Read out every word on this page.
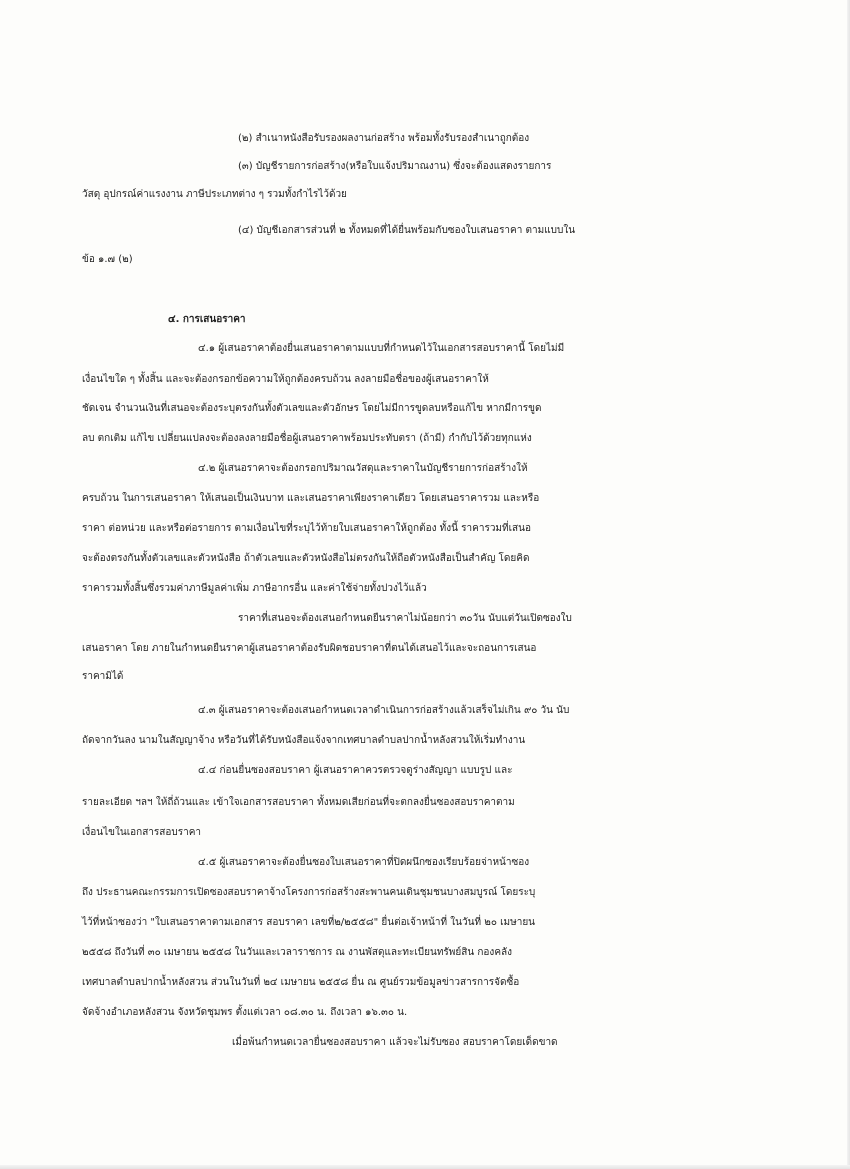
(๒) สำเนาหนังสือรับรองผลงานก่อสร้าง พร้อมทั้งรับรองสำเนาถูกต้อง
(๓) บัญชีรายการก่อสร้าง(หรือใบแจ้งปริมาณงาน) ซึ่งจะต้องแสดงรายการ
วัสดุ อุปกรณ์ค่าแรงงาน ภาษีประเภทต่าง ๆ รวมทั้งกำไรไว้ด้วย
(๔) บัญชีเอกสารส่วนที่ ๒ ทั้งหมดที่ได้ยื่นพร้อมกับซองใบเสนอราคา ตามแบบใน
ข้อ ๑.๗ (๒)
๔. การเสนอราคา
๔.๑ ผู้เสนอราคาต้องยื่นเสนอราคาตามแบบที่กำหนดไว้ในเอกสารสอบราคานี้ โดยไม่มี
เงื่อนไขใด ๆ ทั้งสิ้น และจะต้องกรอกข้อความให้ถูกต้องครบถ้วน ลงลายมือชื่อของผู้เสนอราคาให้
ชัดเจน จำนวนเงินที่เสนอจะต้องระบุตรงกันทั้งตัวเลขและตัวอักษร โดยไม่มีการขูดลบหรือแก้ไข หากมีการขูด
ลบ ตกเติม แก้ไข เปลี่ยนแปลงจะต้องลงลายมือชื่อผู้เสนอราคาพร้อมประทับตรา (ถ้ามี) กำกับไว้ด้วยทุกแห่ง
๔.๒ ผู้เสนอราคาจะต้องกรอกปริมาณวัสดุและราคาในบัญชีรายการก่อสร้างให้
ครบถ้วน ในการเสนอราคา ให้เสนอเป็นเงินบาท และเสนอราคาเพียงราคาเดียว โดยเสนอราคารวม และหรือ
ราคา ต่อหน่วย และหรือต่อรายการ ตามเงื่อนไขที่ระบุไว้ท้ายใบเสนอราคาให้ถูกต้อง ทั้งนี้ ราคารวมที่เสนอ
จะต้องตรงกันทั้งตัวเลขและตัวหนังสือ ถ้าตัวเลขและตัวหนังสือไม่ตรงกันให้ถือตัวหนังสือเป็นสำคัญ โดยคิด
ราคารวมทั้งสิ้นซึ่งรวมค่าภาษีมูลค่าเพิ่ม ภาษีอากรอื่น และค่าใช้จ่ายทั้งปวงไว้แล้ว
ราคาที่เสนอจะต้องเสนอกำหนดยืนราคาไม่น้อยกว่า ๓๐วัน นับแต่วันเปิดซองใบ
เสนอราคา โดย ภายในกำหนดยืนราคาผู้เสนอราคาต้องรับผิดชอบราคาที่ตนได้เสนอไว้และจะถอนการเสนอ
ราคามิได้
๔.๓ ผู้เสนอราคาจะต้องเสนอกำหนดเวลาดำเนินการก่อสร้างแล้วเสร็จไม่เกิน ๙๐ วัน นับ
ถัดจากวันลง นามในสัญญาจ้าง หรือวันที่ได้รับหนังสือแจ้งจากเทศบาลตำบลปากน้ำหลังสวนให้เริ่มทำงาน
๔.๔ ก่อนยื่นซองสอบราคา ผู้เสนอราคาควรตรวจดูร่างสัญญา แบบรูป และ
รายละเอียด ฯลฯ ให้ถี่ถ้วนและ เข้าใจเอกสารสอบราคา ทั้งหมดเสียก่อนที่จะตกลงยื่นซองสอบราคาตาม
เงื่อนไขในเอกสารสอบราคา
๔.๕ ผู้เสนอราคาจะต้องยื่นซองใบเสนอราคาที่ปิดผนึกซองเรียบร้อยจ่าหน้าซอง
ถึง ประธานคณะกรรมการเปิดซองสอบราคาจ้างโครงการก่อสร้างสะพานคนเดินชุมชนบางสมบูรณ์ โดยระบุ
ไว้ที่หน้าซองว่า "ใบเสนอราคาตามเอกสาร สอบราคา เลขที่๒/๒๕๕๘" ยื่นต่อเจ้าหน้าที่ ในวันที่ ๒๐ เมษายน
๒๕๕๘ ถึงวันที่ ๓๐ เมษายน ๒๕๕๘ ในวันและเวลาราชการ ณ งานพัสดุและทะเบียนทรัพย์สิน กองคลัง
เทศบาลตำบลปากน้ำหลังสวน ส่วนในวันที่ ๒๔ เมษายน ๒๕๕๘ ยื่น ณ ศูนย์รวมข้อมูลข่าวสารการจัดซื้อ
จัดจ้างอำเภอหลังสวน จังหวัดชุมพร ตั้งแต่เวลา ๐๘.๓๐ น. ถึงเวลา ๑๖.๓๐ น.
เมื่อพ้นกำหนดเวลายื่นซองสอบราคา แล้วจะไม่รับซอง สอบราคาโดยเด็ดขาด
